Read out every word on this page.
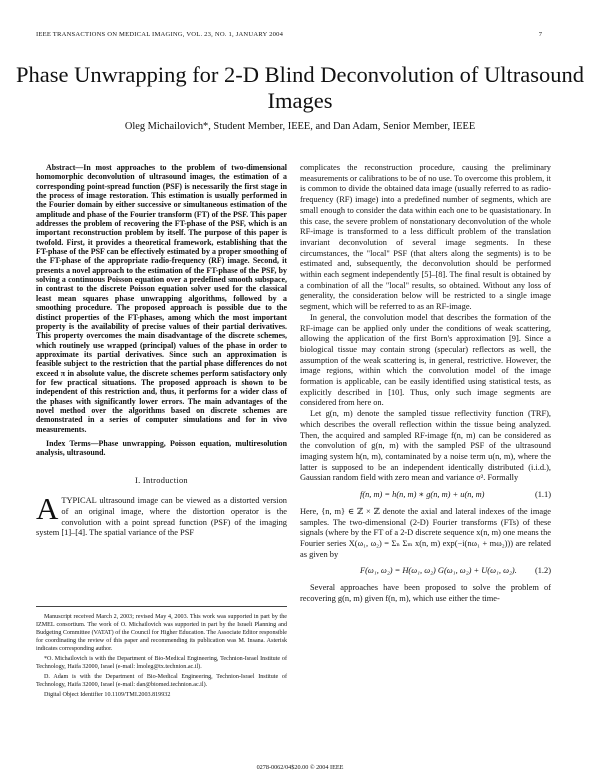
IEEE TRANSACTIONS ON MEDICAL IMAGING, VOL. 23, NO. 1, JANUARY 2004	7
Phase Unwrapping for 2-D Blind Deconvolution of Ultrasound Images
Oleg Michailovich*, Student Member, IEEE, and Dan Adam, Senior Member, IEEE

Abstract—In most approaches to the problem of two-dimensional homomorphic deconvolution of ultrasound images, the estimation of a corresponding point-spread function (PSF) is necessarily the first stage in the process of image restoration. This estimation is usually performed in the Fourier domain by either successive or simultaneous estimation of the amplitude and phase of the Fourier transform (FT) of the PSF. This paper addresses the problem of recovering the FT-phase of the PSF, which is an important reconstruction problem by itself. The purpose of this paper is twofold. First, it provides a theoretical framework, establishing that the FT-phase of the PSF can be effectively estimated by a proper smoothing of the FT-phase of the appropriate radio-frequency (RF) image. Second, it presents a novel approach to the estimation of the FT-phase of the PSF, by solving a continuous Poisson equation over a predefined smooth subspace, in contrast to the discrete Poisson equation solver used for the classical least mean squares phase unwrapping algorithms, followed by a smoothing procedure. The proposed approach is possible due to the distinct properties of the FT-phases, among which the most important property is the availability of precise values of their partial derivatives. This property overcomes the main disadvantage of the discrete schemes, which routinely use wrapped (principal) values of the phase in order to approximate its partial derivatives. Since such an approximation is feasible subject to the restriction that the partial phase differences do not exceed π in absolute value, the discrete schemes perform satisfactory only for few practical situations. The proposed approach is shown to be independent of this restriction and, thus, it performs for a wider class of the phases with significantly lower errors. The main advantages of the novel method over the algorithms based on discrete schemes are demonstrated in a series of computer simulations and for in vivo measurements.

Index Terms—Phase unwrapping, Poisson equation, multiresolution analysis, ultrasound.

I. Introduction

ATYPICAL ultrasound image can be viewed as a distorted version of an original image, where the distortion operator is the convolution with a point spread function (PSF) of the imaging system [1]–[4]. The spatial variance of the PSF

Manuscript received March 2, 2003; revised May 4, 2003. This work was supported in part by the IZMEL consortium. The work of O. Michailovich was supported in part by the Israeli Planning and Budgeting Committee (VATAT) of the Council for Higher Education. The Associate Editor responsible for coordinating the review of this paper and recommending its publication was M. Insana. Asterisk indicates corresponding author.

*O. Michailovich is with the Department of Bio-Medical Engineering, Technion-Israel Institute of Technology, Haifa 32000, Israel (e-mail: lmoleg@tx.technion.ac.il).

D. Adam is with the Department of Bio-Medical Engineering, Technion-Israel Institute of Technology, Haifa 32000, Israel (e-mail: dan@biomed.technion.ac.il).

Digital Object Identifier 10.1109/TMI.2003.819932

complicates the reconstruction procedure, causing the preliminary measurements or calibrations to be of no use. To overcome this problem, it is common to divide the obtained data image (usually referred to as radio-frequency (RF) image) into a predefined number of segments, which are small enough to consider the data within each one to be quasistationary. In this case, the severe problem of nonstationary deconvolution of the whole RF-image is transformed to a less difficult problem of the translation invariant deconvolution of several image segments. In these circumstances, the "local" PSF (that alters along the segments) is to be estimated and, subsequently, the deconvolution should be performed within each segment independently [5]–[8]. The final result is obtained by a combination of all the "local" results, so obtained. Without any loss of generality, the consideration below will be restricted to a single image segment, which will be referred to as an RF-image.

In general, the convolution model that describes the formation of the RF-image can be applied only under the conditions of weak scattering, allowing the application of the first Born's approximation [9]. Since a biological tissue may contain strong (specular) reflectors as well, the assumption of the weak scattering is, in general, restrictive. However, the image regions, within which the convolution model of the image formation is applicable, can be easily identified using statistical tests, as explicitly described in [10]. Thus, only such image segments are considered from here on.

Let g(n, m) denote the sampled tissue reflectivity function (TRF), which describes the overall reflection within the tissue being analyzed. Then, the acquired and sampled RF-image f(n, m) can be considered as the convolution of g(n, m) with the sampled PSF of the ultrasound imaging system h(n, m), contaminated by a noise term u(n, m), where the latter is supposed to be an independent identically distributed (i.i.d.), Gaussian random field with zero mean and variance σ². Formally

f(n, m) = h(n, m) ∗ g(n, m) + u(n, m)	(1.1)

Here, {n, m} ∈ ℤ × ℤ denote the axial and lateral indexes of the image samples. The two-dimensional (2-D) Fourier transforms (FTs) of these signals (where by the FT of a 2-D discrete sequence x(n, m) one means the Fourier series X(ω₁, ω₂) = Σₙ Σₘ x(n, m) exp(−i(nω₁ + mω₂))) are related as given by

F(ω₁, ω₂) = H(ω₁, ω₂) G(ω₁, ω₂) + U(ω₁, ω₂). (1.2)

Several approaches have been proposed to solve the problem of recovering g(n, m) given f(n, m), which use either the time-

0278-0062/04$20.00 © 2004 IEEE
